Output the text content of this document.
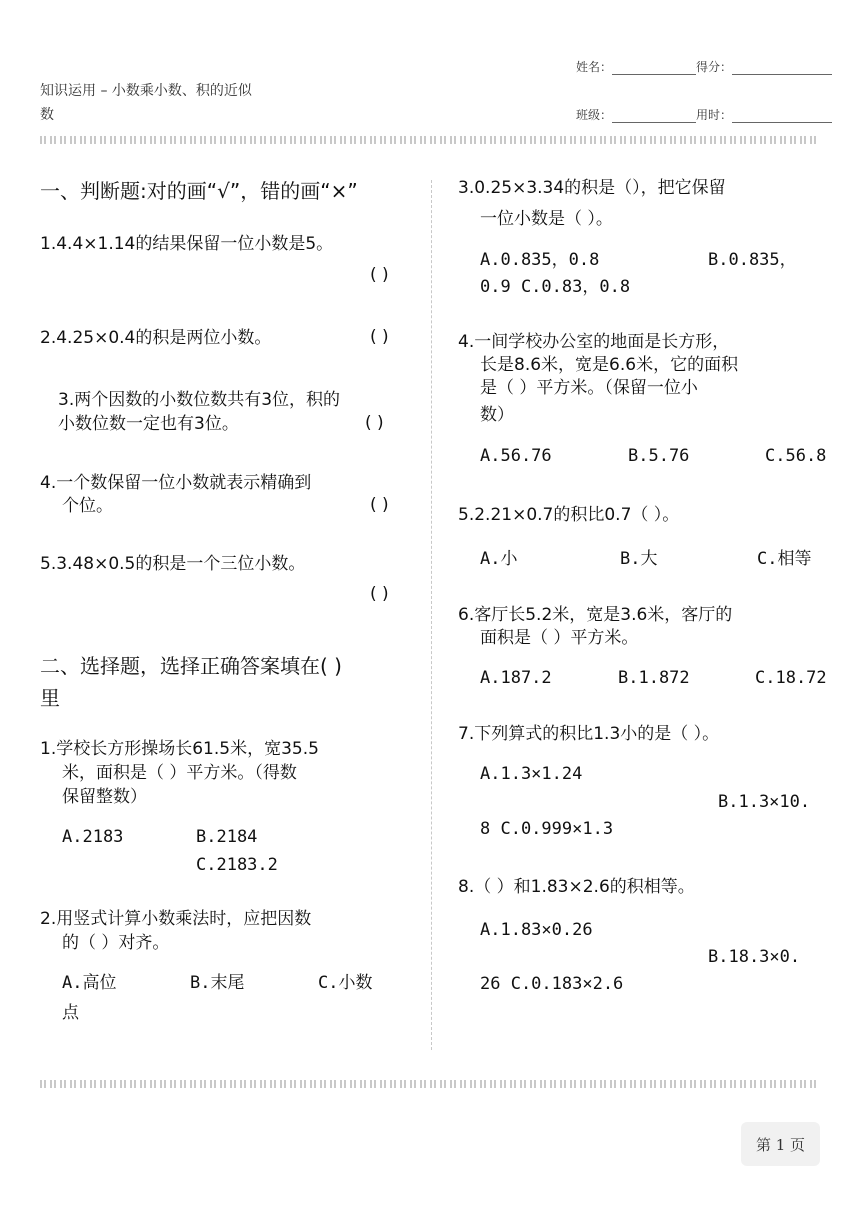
姓名：	得分：
知识运用 – 小数乘小数、积的近似
数	班级：	用时：
一、判断题:对的画“√”，错的画“×”
1.4.4×1.14的结果保留一位小数是5。
( )
2.4.25×0.4的积是两位小数。	( )
3.两个因数的小数位数共有3位，积的
小数位数一定也有3位。	( )
4.一个数保留一位小数就表示精确到
个位。	( )
5.3.48×0.5的积是一个三位小数。
( )
二、选择题，选择正确答案填在( )
里
1.学校长方形操场长61.5米，宽35.5
米，面积是（ ）平方米。（得数
保留整数）
A.2183	B.2184
C.2183.2
2.用竖式计算小数乘法时，应把因数
的（ ）对齐。
A.高位	B.末尾	C.小数
点
3.0.25×3.34的积是（），把它保留
一位小数是（ ）。
A.0.835，0.8	B.0.835，
0.9 C.0.83，0.8
4.一间学校办公室的地面是长方形，
长是8.6米，宽是6.6米，它的面积
是（ ）平方米。（保留一位小
数）
A.56.76	B.5.76	C.56.8
5.2.21×0.7的积比0.7（ ）。
A.小	B.大	C.相等
6.客厅长5.2米，宽是3.6米，客厅的
面积是（ ）平方米。
A.187.2	B.1.872	C.18.72
7.下列算式的积比1.3小的是（ ）。
A.1.3×1.24
B.1.3×10.
8 C.0.999×1.3
8.（ ）和1.83×2.6的积相等。
A.1.83×0.26
B.18.3×0.
26 C.0.183×2.6
第 1 页
